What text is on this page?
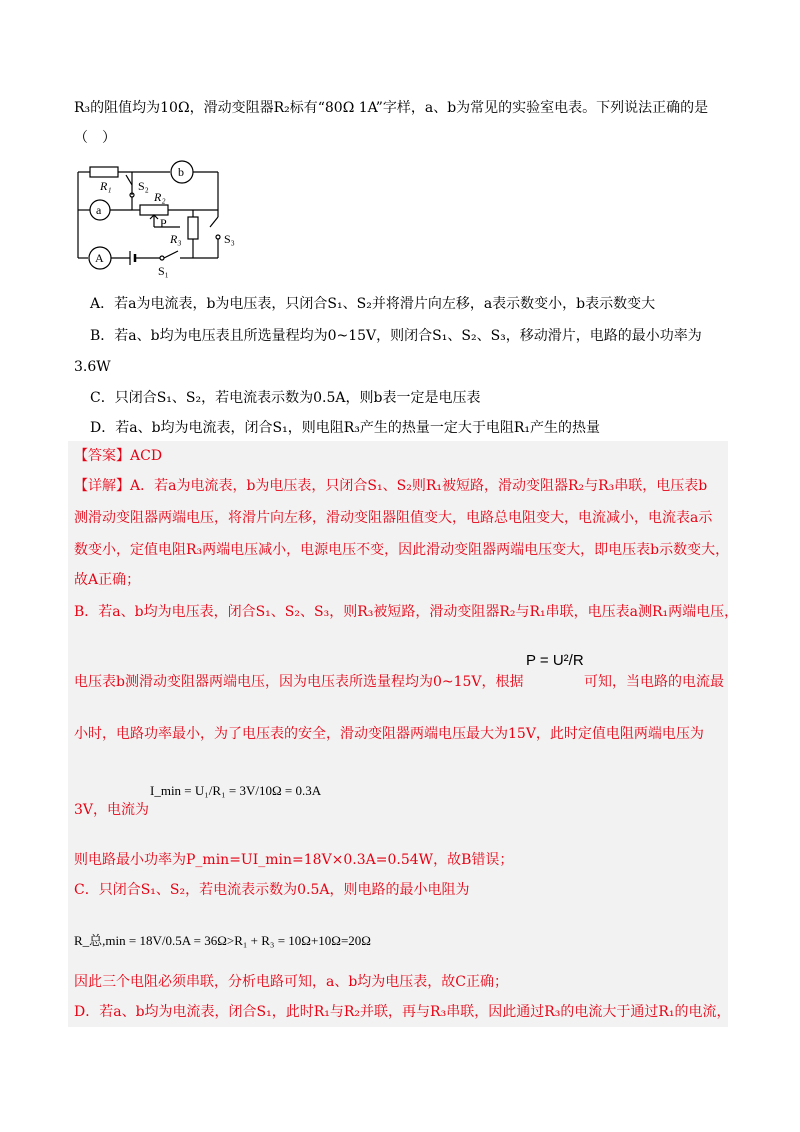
R₃的阻值均为10Ω，滑动变阻器R₂标有“80Ω 1A”字样，a、b为常见的实验室电表。下列说法正确的是
（　）
b
a
A
R₁ S₂
R₂
P
R₃	S₃
S₁
A．若a为电流表，b为电压表，只闭合S₁、S₂并将滑片向左移，a表示数变小，b表示数变大
B．若a、b均为电压表且所选量程均为0~15V，则闭合S₁、S₂、S₃，移动滑片，电路的最小功率为
3.6W
C．只闭合S₁、S₂，若电流表示数为0.5A，则b表一定是电压表
D．若a、b均为电流表，闭合S₁，则电阻R₃产生的热量一定大于电阻R₁产生的热量
【答案】ACD
【详解】A．若a为电流表，b为电压表，只闭合S₁、S₂则R₁被短路，滑动变阻器R₂与R₃串联，电压表b
测滑动变阻器两端电压，将滑片向左移，滑动变阻器阻值变大，电路总电阻变大，电流减小，电流表a示
数变小，定值电阻R₃两端电压减小，电源电压不变，因此滑动变阻器两端电压变大，即电压表b示数变大，
故A正确；
B．若a、b均为电压表，闭合S₁、S₂、S₃，则R₃被短路，滑动变阻器R₂与R₁串联，电压表a测R₁两端电压，
电压表b测滑动变阻器两端电压，因为电压表所选量程均为0~15V，根据
P = U²/R
可知，当电路的电流最
小时，电路功率最小，为了电压表的安全，滑动变阻器两端电压最大为15V，此时定值电阻两端电压为
3V，电流为
I_min = U₁/R₁ = 3V/10Ω = 0.3A
则电路最小功率为P_min=UI_min=18V×0.3A=0.54W，故B错误；
C．只闭合S₁、S₂，若电流表示数为0.5A，则电路的最小电阻为
R_总,min = 18V/0.5A = 36Ω>R₁ + R₃ = 10Ω+10Ω=20Ω
因此三个电阻必须串联，分析电路可知，a、b均为电压表，故C正确；
D．若a、b均为电流表，闭合S₁，此时R₁与R₂并联，再与R₃串联，因此通过R₃的电流大于通过R₁的电流，
